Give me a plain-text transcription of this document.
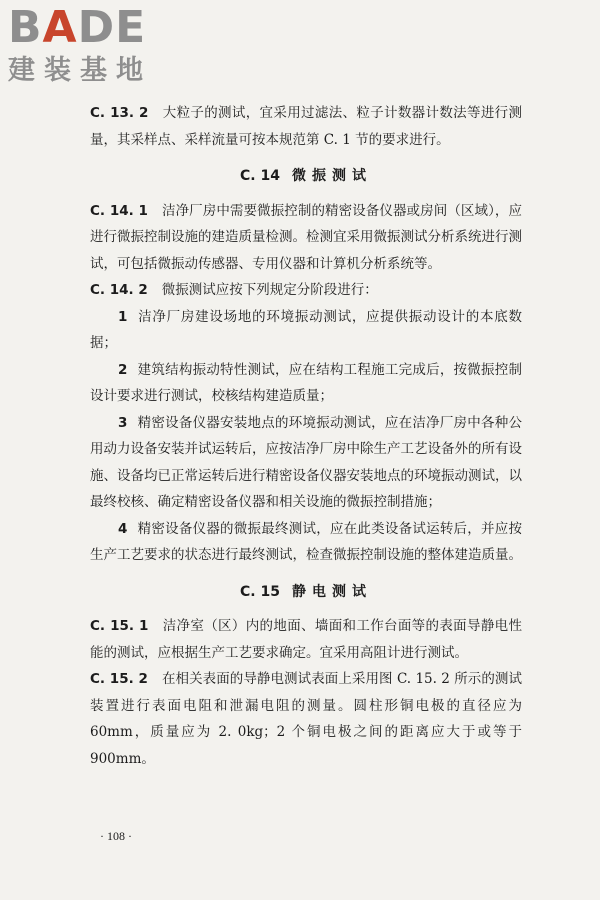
BADE
建装基地

C. 13. 2 大粒子的测试，宜采用过滤法、粒子计数器计数法等进行测量，其采样点、采样流量可按本规范第 C. 1 节的要求进行。

C. 14 微振测试

C. 14. 1 洁净厂房中需要微振控制的精密设备仪器或房间（区域），应进行微振控制设施的建造质量检测。检测宜采用微振测试分析系统进行测试，可包括微振动传感器、专用仪器和计算机分析系统等。

C. 14. 2 微振测试应按下列规定分阶段进行：

1 洁净厂房建设场地的环境振动测试，应提供振动设计的本底数据；

2 建筑结构振动特性测试，应在结构工程施工完成后，按微振控制设计要求进行测试，校核结构建造质量；

3 精密设备仪器安装地点的环境振动测试，应在洁净厂房中各种公用动力设备安装并试运转后，应按洁净厂房中除生产工艺设备外的所有设施、设备均已正常运转后进行精密设备仪器安装地点的环境振动测试，以最终校核、确定精密设备仪器和相关设施的微振控制措施；

4 精密设备仪器的微振最终测试，应在此类设备试运转后，并应按生产工艺要求的状态进行最终测试，检查微振控制设施的整体建造质量。

C. 15 静电测试

C. 15. 1 洁净室（区）内的地面、墙面和工作台面等的表面导静电性能的测试，应根据生产工艺要求确定。宜采用高阻计进行测试。

C. 15. 2 在相关表面的导静电测试表面上采用图 C. 15. 2 所示的测试装置进行表面电阻和泄漏电阻的测量。圆柱形铜电极的直径应为 60mm，质量应为 2. 0kg；2 个铜电极之间的距离应大于或等于 900mm。

· 108 ·
